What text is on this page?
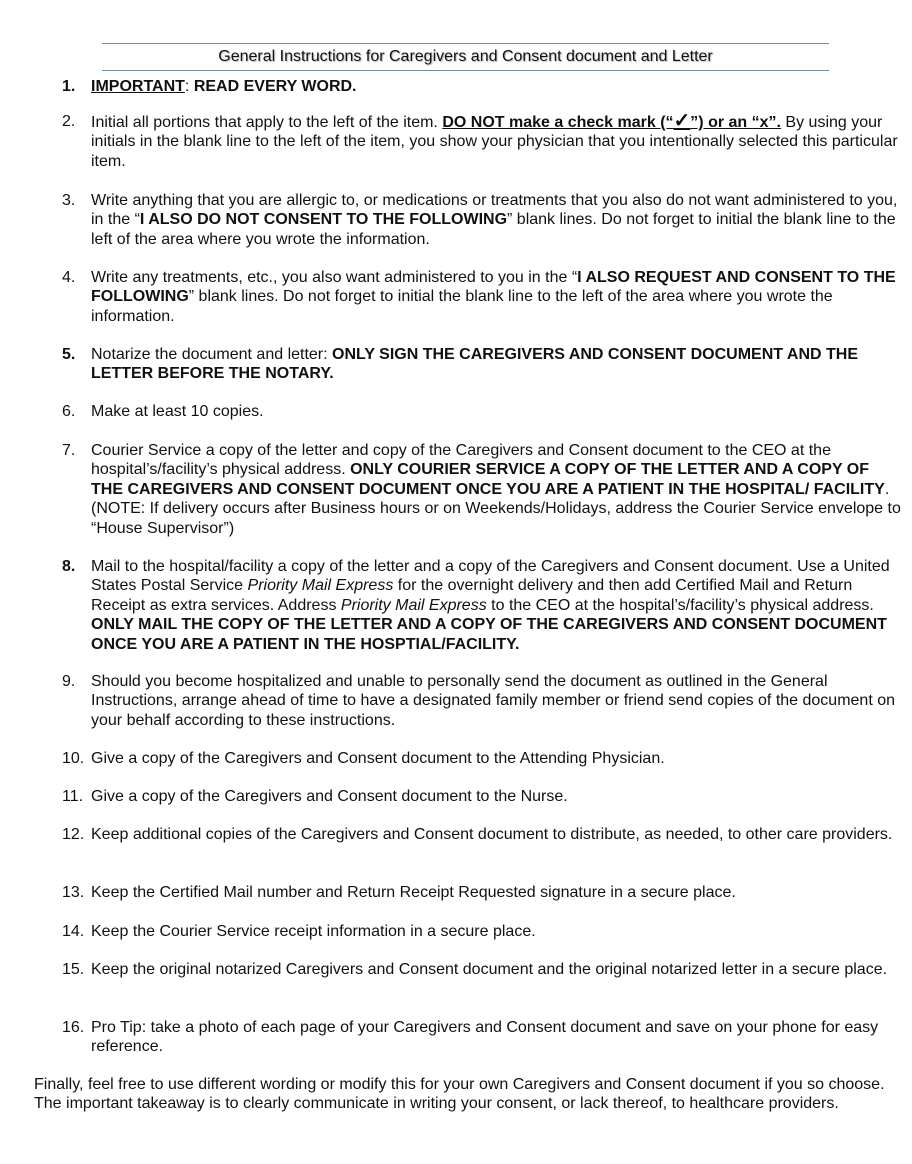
General Instructions for Caregivers and Consent document and Letter
1. IMPORTANT: READ EVERY WORD.
2. Initial all portions that apply to the left of the item. DO NOT make a check mark (“✓”) or an “x”. By using your initials in the blank line to the left of the item, you show your physician that you intentionally selected this particular item.
3. Write anything that you are allergic to, or medications or treatments that you also do not want administered to you, in the “I ALSO DO NOT CONSENT TO THE FOLLOWING” blank lines. Do not forget to initial the blank line to the left of the area where you wrote the information.
4. Write any treatments, etc., you also want administered to you in the “I ALSO REQUEST AND CONSENT TO THE FOLLOWING” blank lines. Do not forget to initial the blank line to the left of the area where you wrote the information.
5. Notarize the document and letter: ONLY SIGN THE CAREGIVERS AND CONSENT DOCUMENT AND THE LETTER BEFORE THE NOTARY.
6. Make at least 10 copies.
7. Courier Service a copy of the letter and copy of the Caregivers and Consent document to the CEO at the hospital’s/facility’s physical address. ONLY COURIER SERVICE A COPY OF THE LETTER AND A COPY OF THE CAREGIVERS AND CONSENT DOCUMENT ONCE YOU ARE A PATIENT IN THE HOSPITAL/ FACILITY. (NOTE: If delivery occurs after Business hours or on Weekends/Holidays, address the Courier Service envelope to “House Supervisor”)
8. Mail to the hospital/facility a copy of the letter and a copy of the Caregivers and Consent document. Use a United States Postal Service Priority Mail Express for the overnight delivery and then add Certified Mail and Return Receipt as extra services. Address Priority Mail Express to the CEO at the hospital’s/facility’s physical address. ONLY MAIL THE COPY OF THE LETTER AND A COPY OF THE CAREGIVERS AND CONSENT DOCUMENT ONCE YOU ARE A PATIENT IN THE HOSPTIAL/FACILITY.
9. Should you become hospitalized and unable to personally send the document as outlined in the General Instructions, arrange ahead of time to have a designated family member or friend send copies of the document on your behalf according to these instructions.
10. Give a copy of the Caregivers and Consent document to the Attending Physician.
11. Give a copy of the Caregivers and Consent document to the Nurse.
12. Keep additional copies of the Caregivers and Consent document to distribute, as needed, to other care providers.
13. Keep the Certified Mail number and Return Receipt Requested signature in a secure place.
14. Keep the Courier Service receipt information in a secure place.
15. Keep the original notarized Caregivers and Consent document and the original notarized letter in a secure place.
16. Pro Tip: take a photo of each page of your Caregivers and Consent document and save on your phone for easy reference.

Finally, feel free to use different wording or modify this for your own Caregivers and Consent document if you so choose. The important takeaway is to clearly communicate in writing your consent, or lack thereof, to healthcare providers.
